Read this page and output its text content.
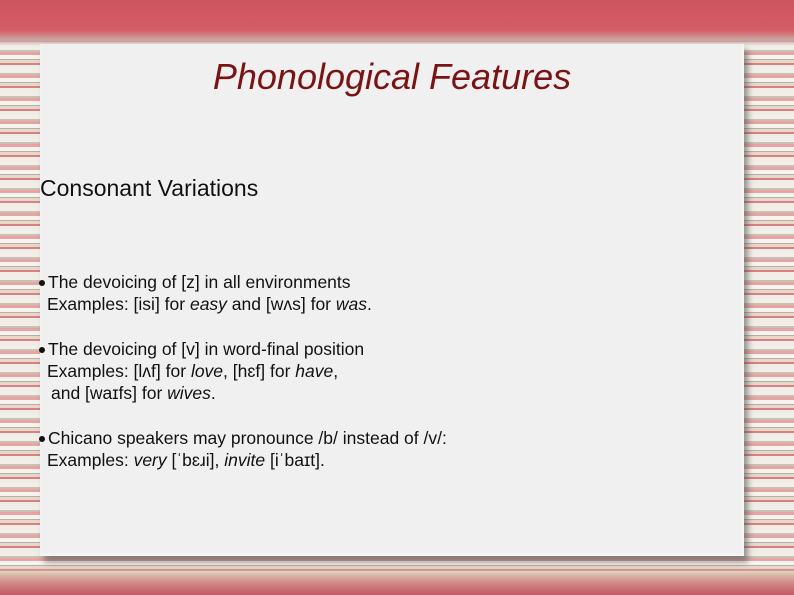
Phonological Features
Consonant Variations
The devoicing of [z] in all environments
Examples: [isi] for easy and [wʌs] for was.
The devoicing of [v] in word-final position
Examples: [lʌf] for love, [hɛf] for have,
and [waɪfs] for wives.
Chicano speakers may pronounce /b/ instead of /v/:
Examples: very [ˈbɛɹi], invite [iˈbaɪt].
